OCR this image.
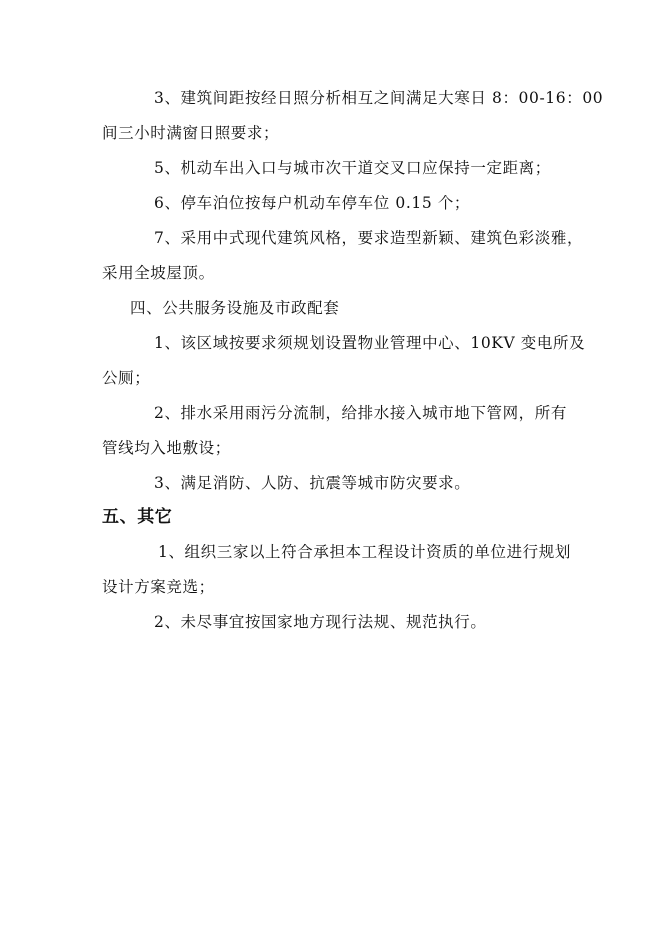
3、建筑间距按经日照分析相互之间满足大寒日 8：00-16：00
间三小时满窗日照要求；
5、机动车出入口与城市次干道交叉口应保持一定距离；
6、停车泊位按每户机动车停车位 0.15 个；
7、采用中式现代建筑风格，要求造型新颖、建筑色彩淡雅，
采用全坡屋顶。
四、公共服务设施及市政配套
1、该区域按要求须规划设置物业管理中心、10KV 变电所及
公厕；
2、排水采用雨污分流制，给排水接入城市地下管网，所有
管线均入地敷设；
3、满足消防、人防、抗震等城市防灾要求。
五、其它
1、组织三家以上符合承担本工程设计资质的单位进行规划
设计方案竞选；
2、未尽事宜按国家地方现行法规、规范执行。
